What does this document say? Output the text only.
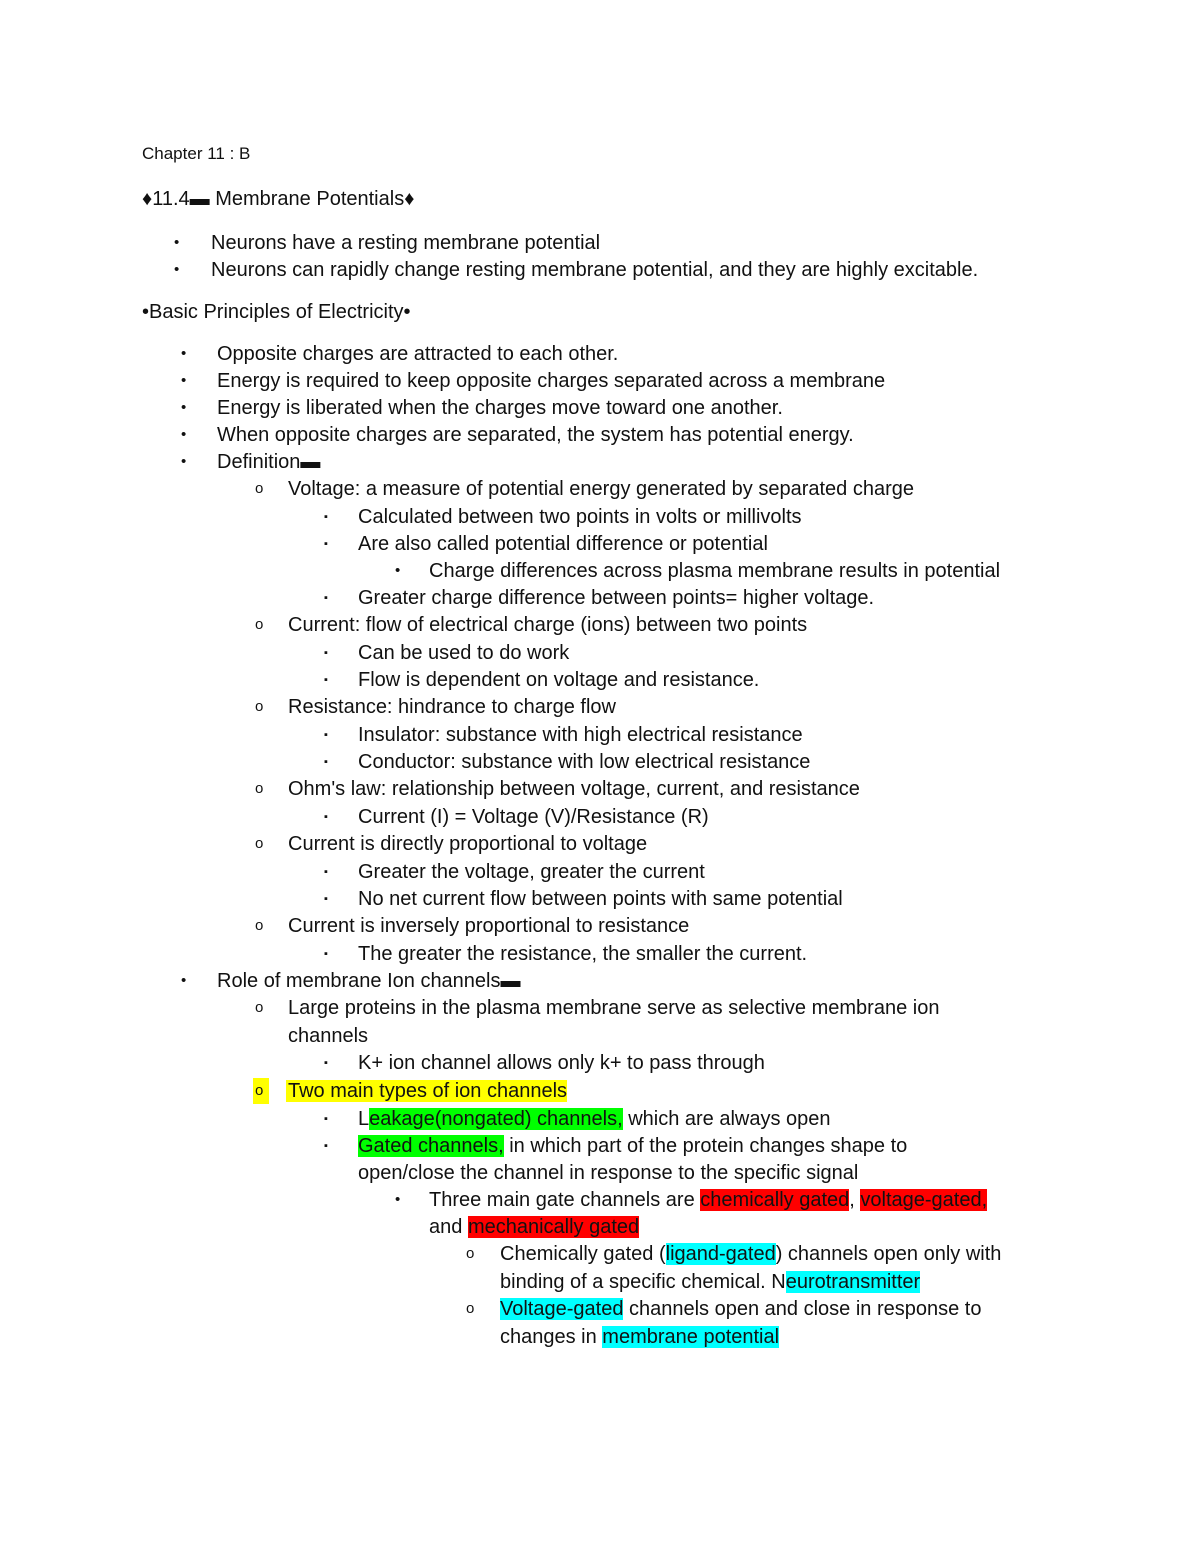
Chapter 11 : B
♦11.4▬ Membrane Potentials♦
• Neurons have a resting membrane potential
• Neurons can rapidly change resting membrane potential, and they are highly excitable.
•Basic Principles of Electricity•
• Opposite charges are attracted to each other.
• Energy is required to keep opposite charges separated across a membrane
• Energy is liberated when the charges move toward one another.
• When opposite charges are separated, the system has potential energy.
• Definition▬
o Voltage: a measure of potential energy generated by separated charge
▪ Calculated between two points in volts or millivolts
▪ Are also called potential difference or potential
• Charge differences across plasma membrane results in potential
▪ Greater charge difference between points= higher voltage.
o Current: flow of electrical charge (ions) between two points
▪ Can be used to do work
▪ Flow is dependent on voltage and resistance.
o Resistance: hindrance to charge flow
▪ Insulator: substance with high electrical resistance
▪ Conductor: substance with low electrical resistance
o Ohm's law: relationship between voltage, current, and resistance
▪ Current (I) = Voltage (V)/Resistance (R)
o Current is directly proportional to voltage
▪ Greater the voltage, greater the current
▪ No net current flow between points with same potential
o Current is inversely proportional to resistance
▪ The greater the resistance, the smaller the current.
• Role of membrane Ion channels▬
o Large proteins in the plasma membrane serve as selective membrane ion
channels
▪ K+ ion channel allows only k+ to pass through
o	Two main types of ion channels
▪ Leakage(nongated) channels, which are always open
▪ Gated channels, in which part of the protein changes shape to
open/close the channel in response to the specific signal
• Three main gate channels are chemically gated, voltage-gated,
and mechanically gated
o Chemically gated (ligand-gated) channels open only with
binding of a specific chemical. Neurotransmitter
o Voltage-gated channels open and close in response to
changes in membrane potential
